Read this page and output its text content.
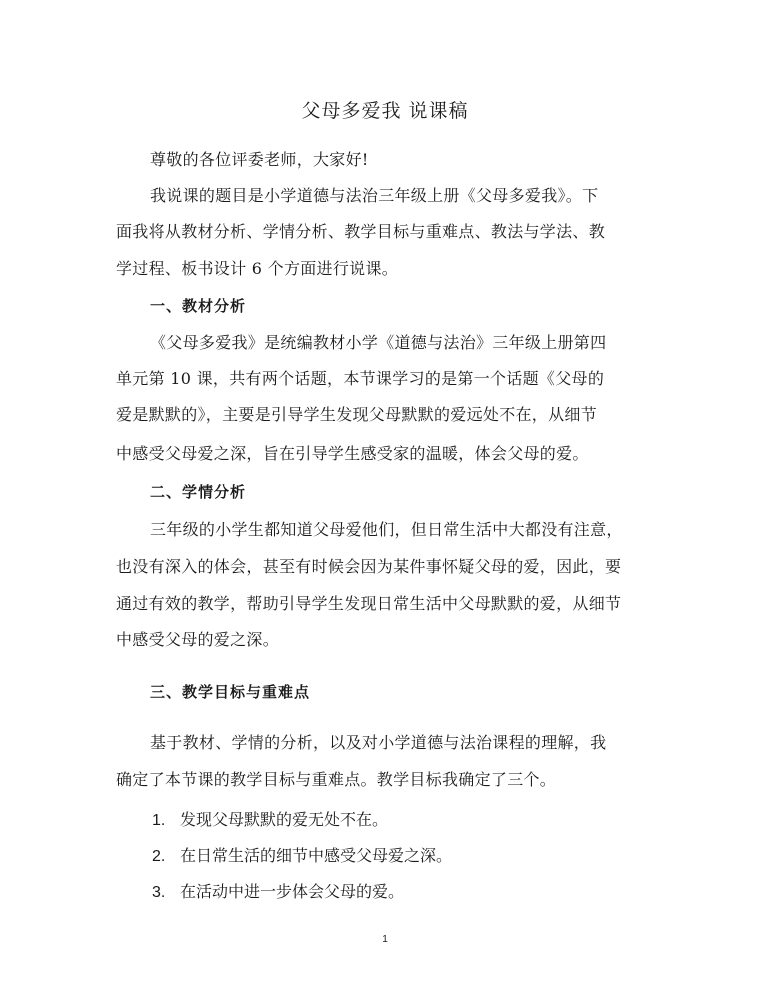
父母多爱我 说课稿
尊敬的各位评委老师，大家好!
我说课的题目是小学道德与法治三年级上册《父母多爱我》。下
面我将从教材分析、学情分析、教学目标与重难点、教法与学法、教
学过程、板书设计 6 个方面进行说课。
一、教材分析
《父母多爱我》是统编教材小学《道德与法治》三年级上册第四
单元第 10 课，共有两个话题，本节课学习的是第一个话题《父母的
爱是默默的》，主要是引导学生发现父母默默的爱远处不在，从细节
中感受父母爱之深，旨在引导学生感受家的温暖，体会父母的爱。
二、学情分析
三年级的小学生都知道父母爱他们，但日常生活中大都没有注意，
也没有深入的体会，甚至有时候会因为某件事怀疑父母的爱，因此，要
通过有效的教学，帮助引导学生发现日常生活中父母默默的爱，从细节
中感受父母的爱之深。
三、教学目标与重难点
基于教材、学情的分析，以及对小学道德与法治课程的理解，我
确定了本节课的教学目标与重难点。教学目标我确定了三个。
1. 发现父母默默的爱无处不在。
2. 在日常生活的细节中感受父母爱之深。
3. 在活动中进一步体会父母的爱。
1
